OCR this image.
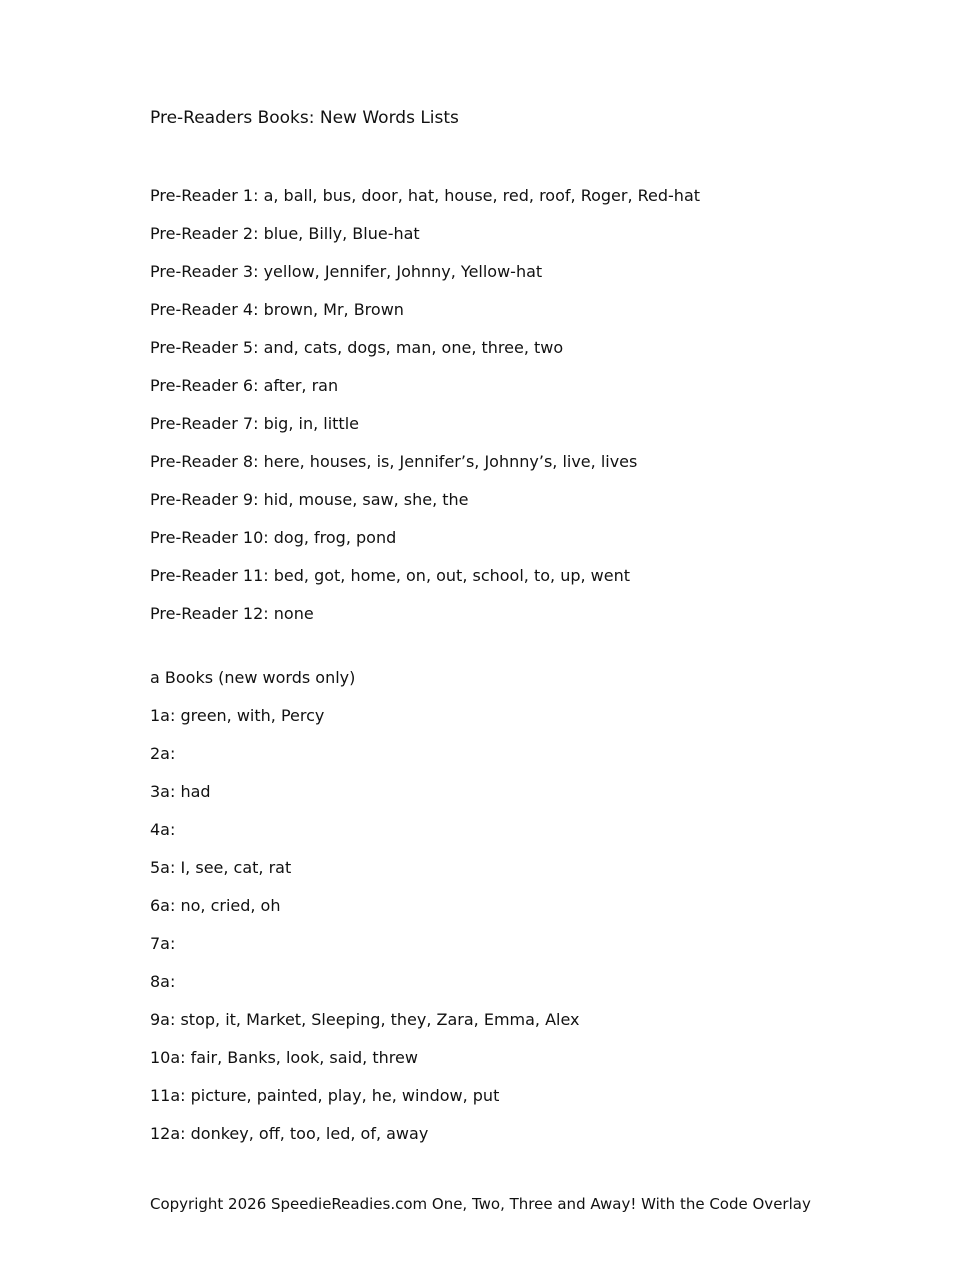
Pre-Readers Books: New Words Lists
Pre-Reader 1: a, ball, bus, door, hat, house, red, roof, Roger, Red-hat
Pre-Reader 2: blue, Billy, Blue-hat
Pre-Reader 3: yellow, Jennifer, Johnny, Yellow-hat
Pre-Reader 4: brown, Mr, Brown
Pre-Reader 5: and, cats, dogs, man, one, three, two
Pre-Reader 6: after, ran
Pre-Reader 7: big, in, little
Pre-Reader 8: here, houses, is, Jennifer’s, Johnny’s, live, lives
Pre-Reader 9: hid, mouse, saw, she, the
Pre-Reader 10: dog, frog, pond
Pre-Reader 11: bed, got, home, on, out, school, to, up, went
Pre-Reader 12: none
a Books (new words only)
1a: green, with, Percy
2a:
3a: had
4a:
5a: I, see, cat, rat
6a: no, cried, oh
7a:
8a:
9a: stop, it, Market, Sleeping, they, Zara, Emma, Alex
10a: fair, Banks, look, said, threw
11a: picture, painted, play, he, window, put
12a: donkey, off, too, led, of, away
Copyright 2026 SpeedieReadies.com One, Two, Three and Away! With the Code Overlay
